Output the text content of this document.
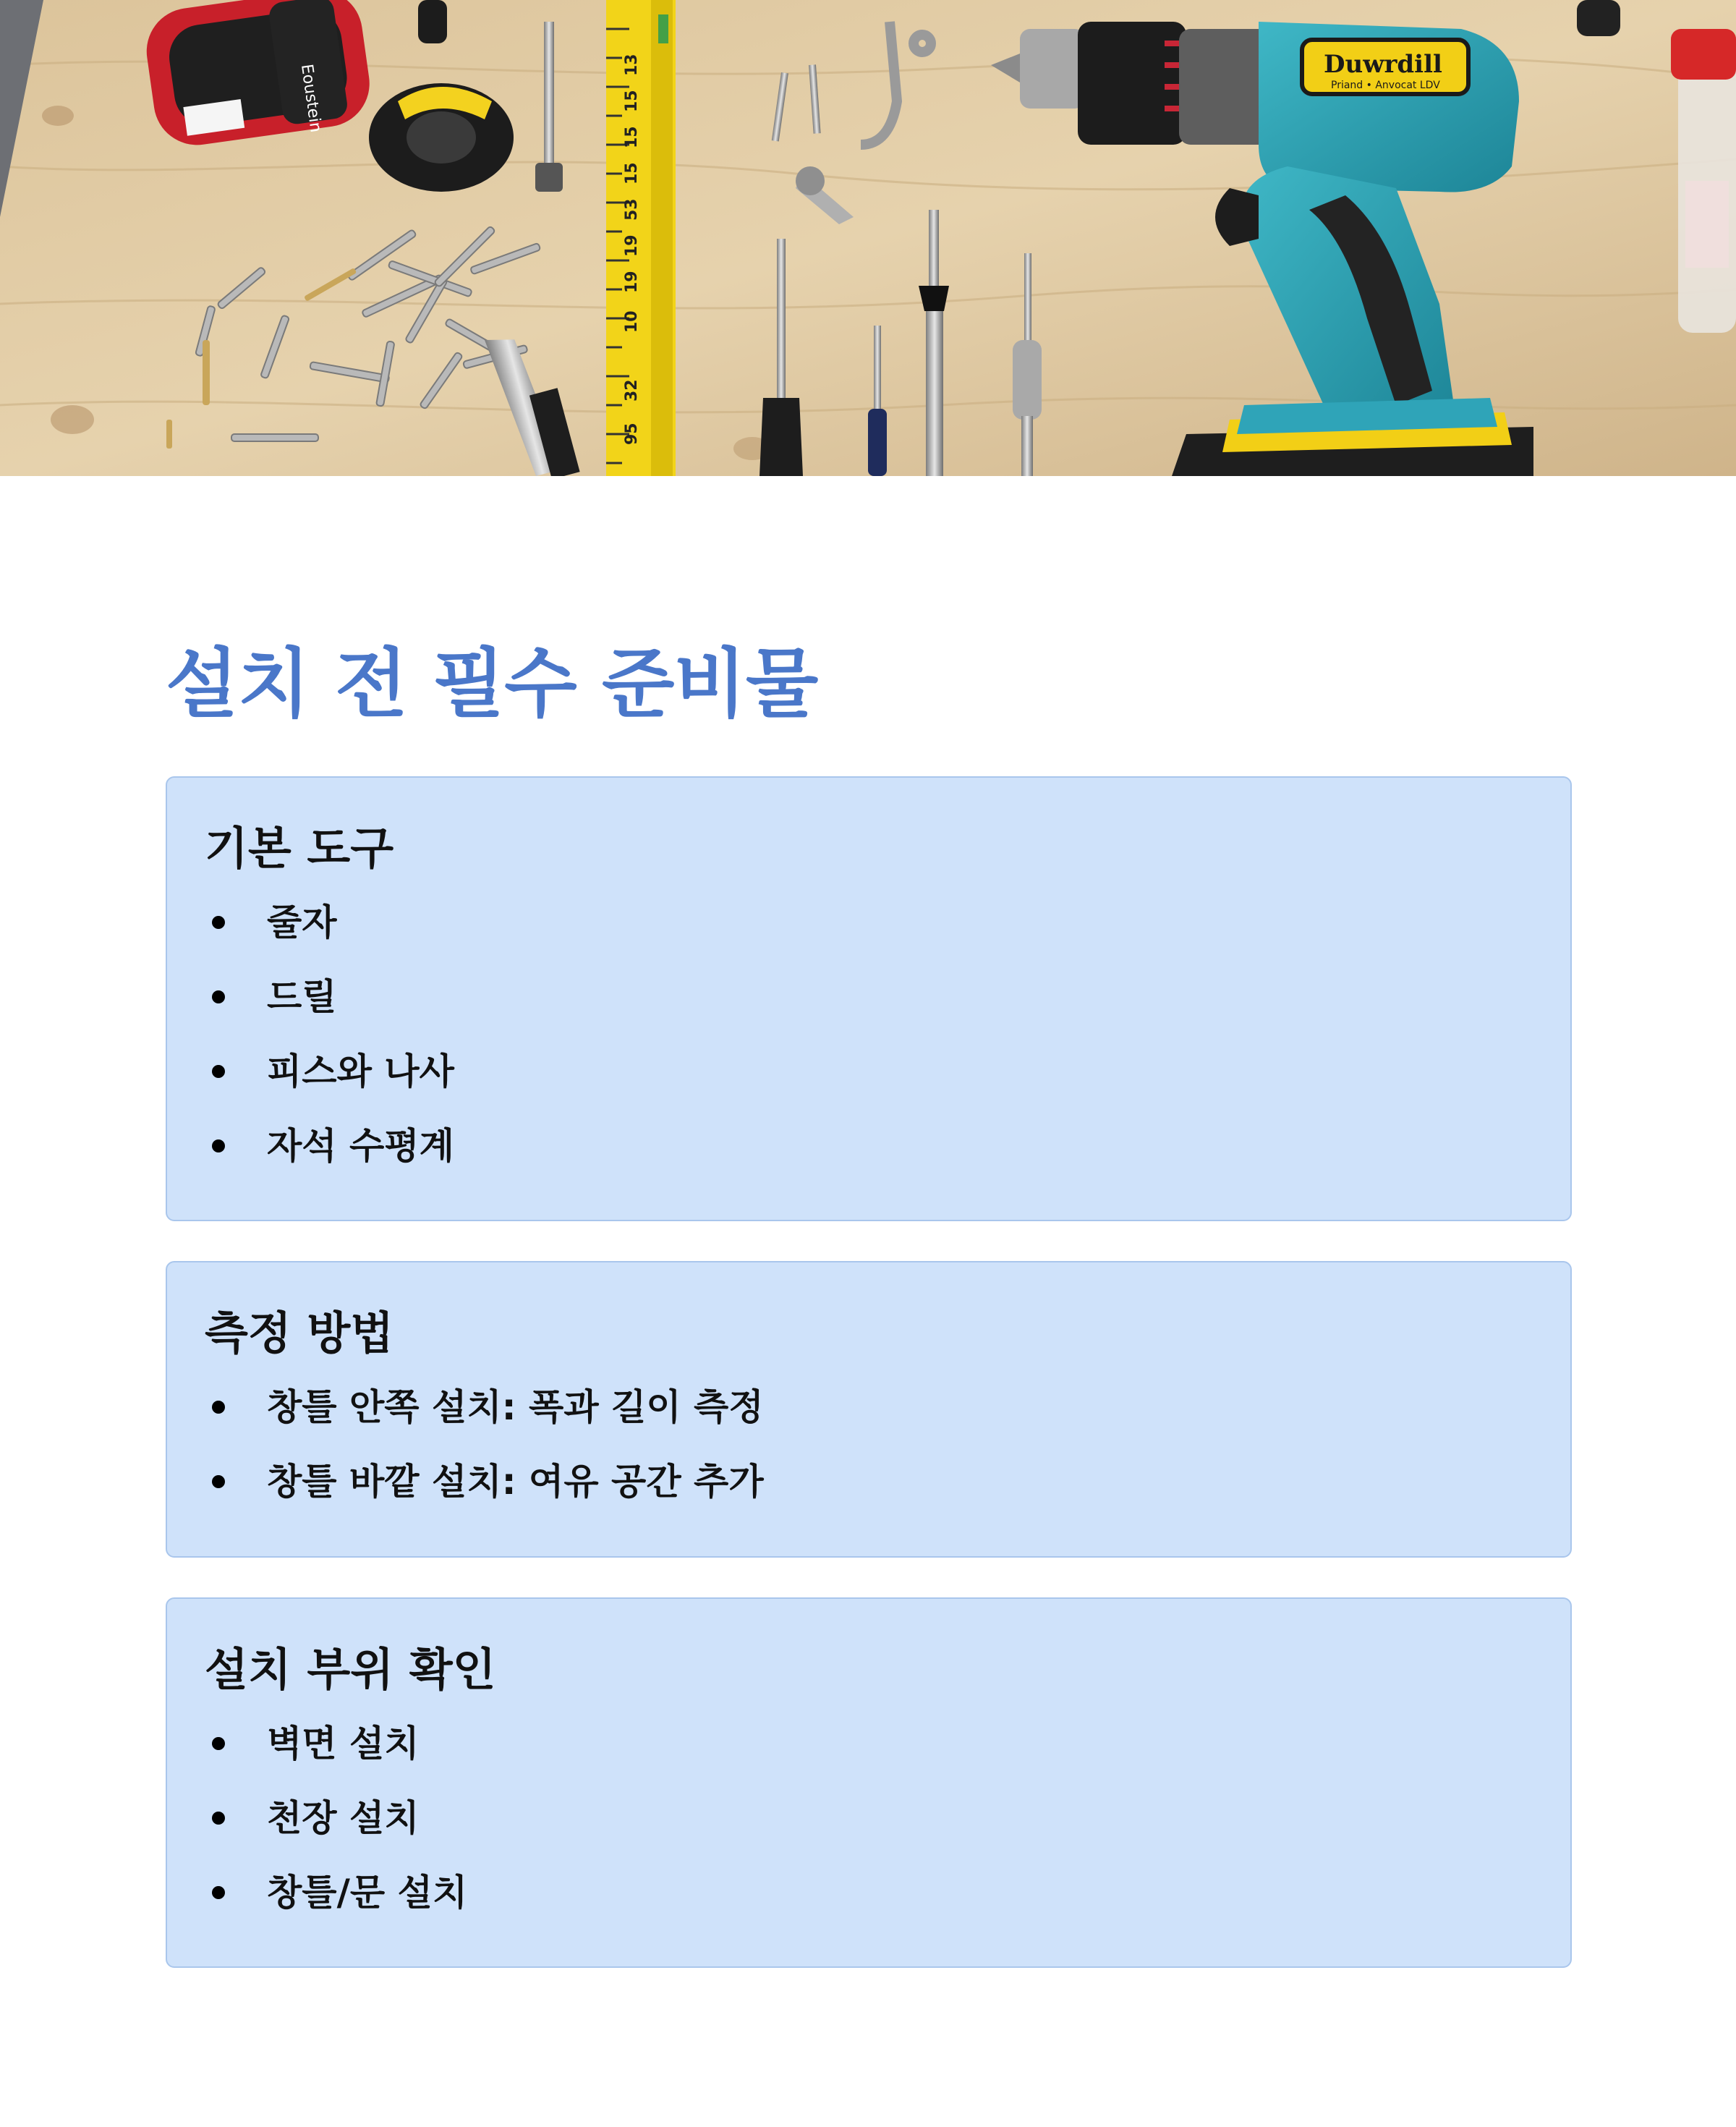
Eoustein
95
32
10
19
19
53
15
15
15
13	Duwrdill
Priand • Anvocat LDV
설치 전 필수 준비물
기본 도구
줄자
드릴
피스와 나사
자석 수평계
측정 방법
창틀 안쪽 설치: 폭과 길이 측정
창틀 바깥 설치: 여유 공간 추가
설치 부위 확인
벽면 설치
천장 설치
창틀/문 설치
